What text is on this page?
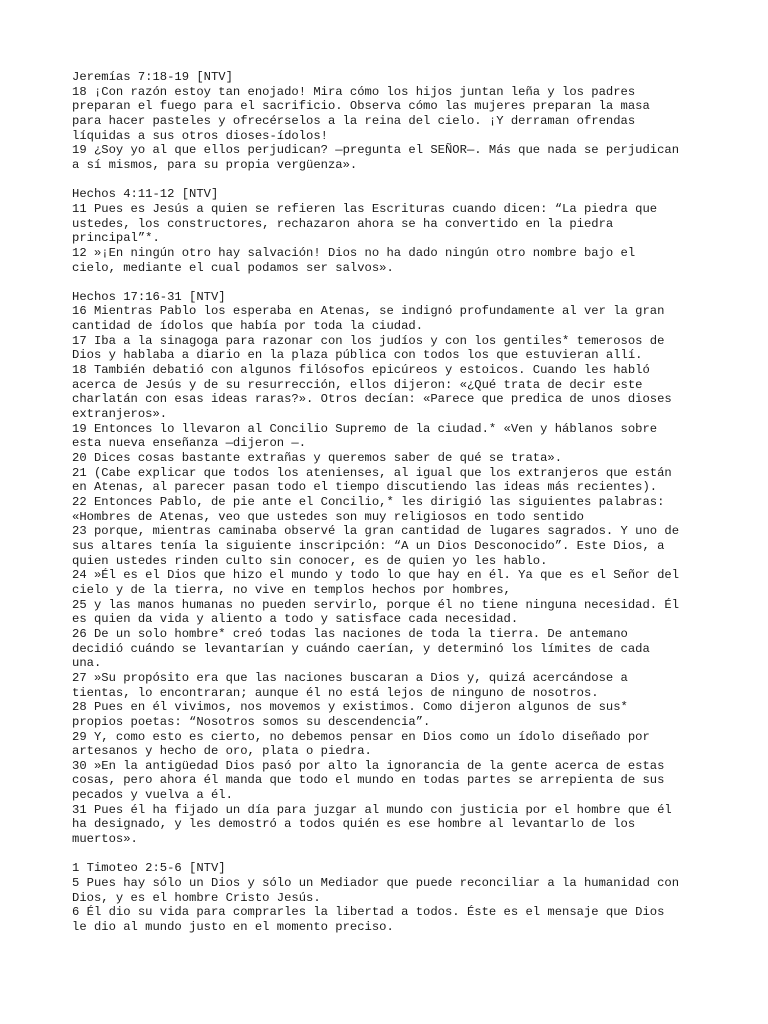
Jeremías 7:18-19 [NTV]

18 ¡Con razón estoy tan enojado! Mira cómo los hijos juntan leña y los padres
preparan el fuego para el sacrificio. Observa cómo las mujeres preparan la masa
para hacer pasteles y ofrecérselos a la reina del cielo. ¡Y derraman ofrendas
líquidas a sus otros dioses-ídolos!

19 ¿Soy yo al que ellos perjudican? —pregunta el SEÑOR—. Más que nada se perjudican
a sí mismos, para su propia vergüenza».

Hechos 4:11-12 [NTV]

11 Pues es Jesús a quien se refieren las Escrituras cuando dicen: “La piedra que
ustedes, los constructores, rechazaron ahora se ha convertido en la piedra
principal”*.

12 »¡En ningún otro hay salvación! Dios no ha dado ningún otro nombre bajo el
cielo, mediante el cual podamos ser salvos».

Hechos 17:16-31 [NTV]

16 Mientras Pablo los esperaba en Atenas, se indignó profundamente al ver la gran
cantidad de ídolos que había por toda la ciudad.

17 Iba a la sinagoga para razonar con los judíos y con los gentiles* temerosos de
Dios y hablaba a diario en la plaza pública con todos los que estuvieran allí.

18 También debatió con algunos filósofos epicúreos y estoicos. Cuando les habló
acerca de Jesús y de su resurrección, ellos dijeron: «¿Qué trata de decir este
charlatán con esas ideas raras?». Otros decían: «Parece que predica de unos dioses
extranjeros».

19 Entonces lo llevaron al Concilio Supremo de la ciudad.* «Ven y háblanos sobre
esta nueva enseñanza —dijeron —.

20 Dices cosas bastante extrañas y queremos saber de qué se trata».

21 (Cabe explicar que todos los atenienses, al igual que los extranjeros que están
en Atenas, al parecer pasan todo el tiempo discutiendo las ideas más recientes).

22 Entonces Pablo, de pie ante el Concilio,* les dirigió las siguientes palabras:
«Hombres de Atenas, veo que ustedes son muy religiosos en todo sentido

23 porque, mientras caminaba observé la gran cantidad de lugares sagrados. Y uno de
sus altares tenía la siguiente inscripción: “A un Dios Desconocido”. Este Dios, a
quien ustedes rinden culto sin conocer, es de quien yo les hablo.

24 »Él es el Dios que hizo el mundo y todo lo que hay en él. Ya que es el Señor del
cielo y de la tierra, no vive en templos hechos por hombres,

25 y las manos humanas no pueden servirlo, porque él no tiene ninguna necesidad. Él
es quien da vida y aliento a todo y satisface cada necesidad.

26 De un solo hombre* creó todas las naciones de toda la tierra. De antemano
decidió cuándo se levantarían y cuándo caerían, y determinó los límites de cada
una.

27 »Su propósito era que las naciones buscaran a Dios y, quizá acercándose a
tientas, lo encontraran; aunque él no está lejos de ninguno de nosotros.

28 Pues en él vivimos, nos movemos y existimos. Como dijeron algunos de sus*
propios poetas: “Nosotros somos su descendencia”.

29 Y, como esto es cierto, no debemos pensar en Dios como un ídolo diseñado por
artesanos y hecho de oro, plata o piedra.

30 »En la antigüedad Dios pasó por alto la ignorancia de la gente acerca de estas
cosas, pero ahora él manda que todo el mundo en todas partes se arrepienta de sus
pecados y vuelva a él.

31 Pues él ha fijado un día para juzgar al mundo con justicia por el hombre que él
ha designado, y les demostró a todos quién es ese hombre al levantarlo de los
muertos».

1 Timoteo 2:5-6 [NTV]

5 Pues hay sólo un Dios y sólo un Mediador que puede reconciliar a la humanidad con
Dios, y es el hombre Cristo Jesús.

6 Él dio su vida para comprarles la libertad a todos. Éste es el mensaje que Dios
le dio al mundo justo en el momento preciso.
